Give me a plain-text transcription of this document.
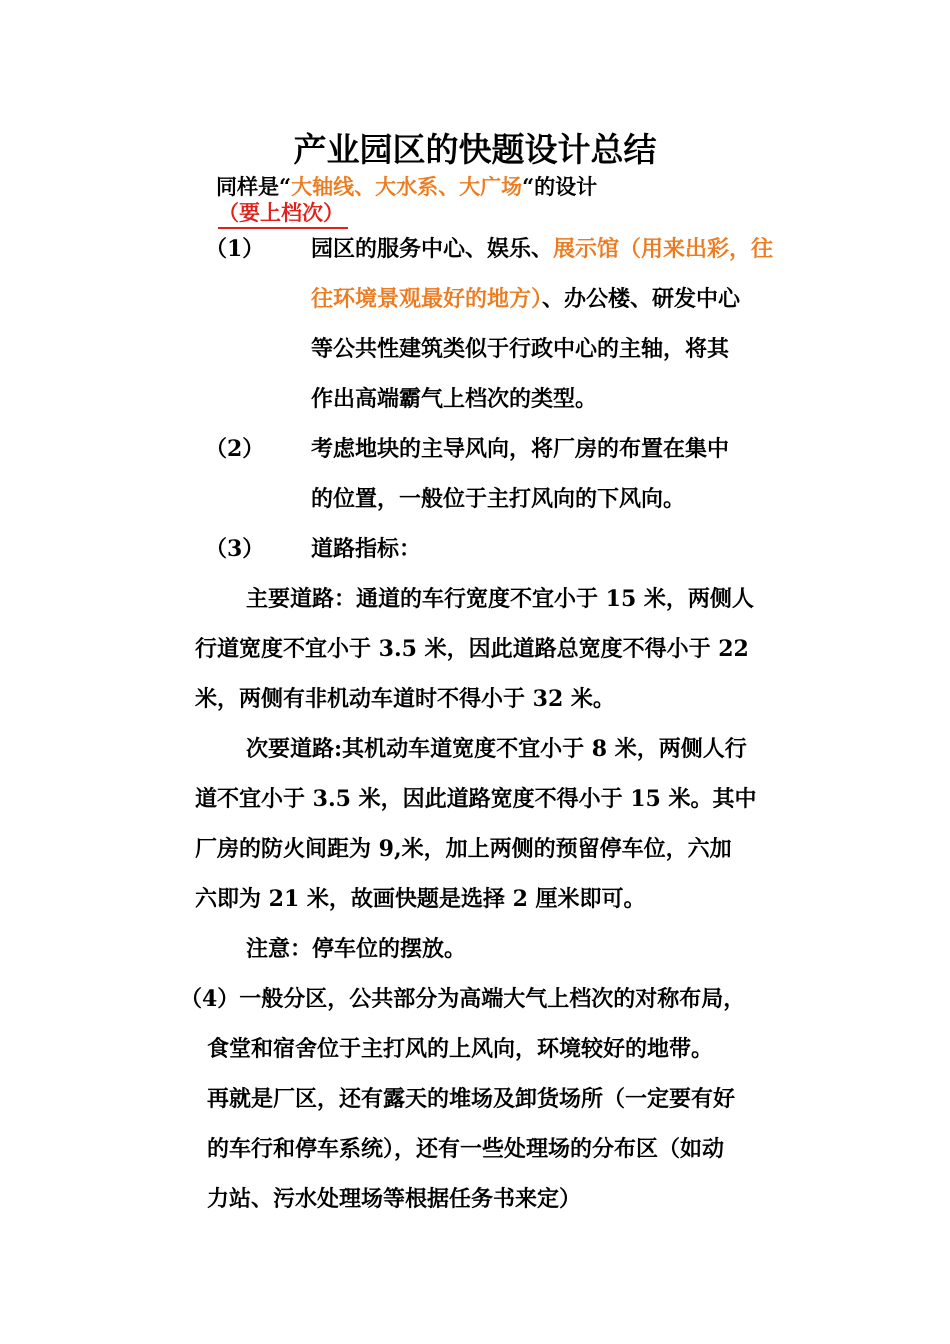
产业园区的快题设计总结
同样是“大轴线、大水系、大广场“的设计
（要上档次）
（1） 园区的服务中心、娱乐、展示馆（用来出彩，往
往环境景观最好的地方）、办公楼、研发中心
等公共性建筑类似于行政中心的主轴，将其
作出高端霸气上档次的类型。
（2） 考虑地块的主导风向，将厂房的布置在集中
的位置，一般位于主打风向的下风向。
（3） 道路指标：
主要道路：通道的车行宽度不宜小于 15 米，两侧人
行道宽度不宜小于 3.5 米，因此道路总宽度不得小于 22
米，两侧有非机动车道时不得小于 32 米。
次要道路:其机动车道宽度不宜小于 8 米，两侧人行
道不宜小于 3.5 米，因此道路宽度不得小于 15 米。其中
厂房的防火间距为 9,米，加上两侧的预留停车位，六加
六即为 21 米，故画快题是选择 2 厘米即可。
注意：停车位的摆放。
（4）一般分区，公共部分为高端大气上档次的对称布局，
食堂和宿舍位于主打风的上风向，环境较好的地带。
再就是厂区，还有露天的堆场及卸货场所（一定要有好
的车行和停车系统），还有一些处理场的分布区（如动
力站、污水处理场等根据任务书来定）
